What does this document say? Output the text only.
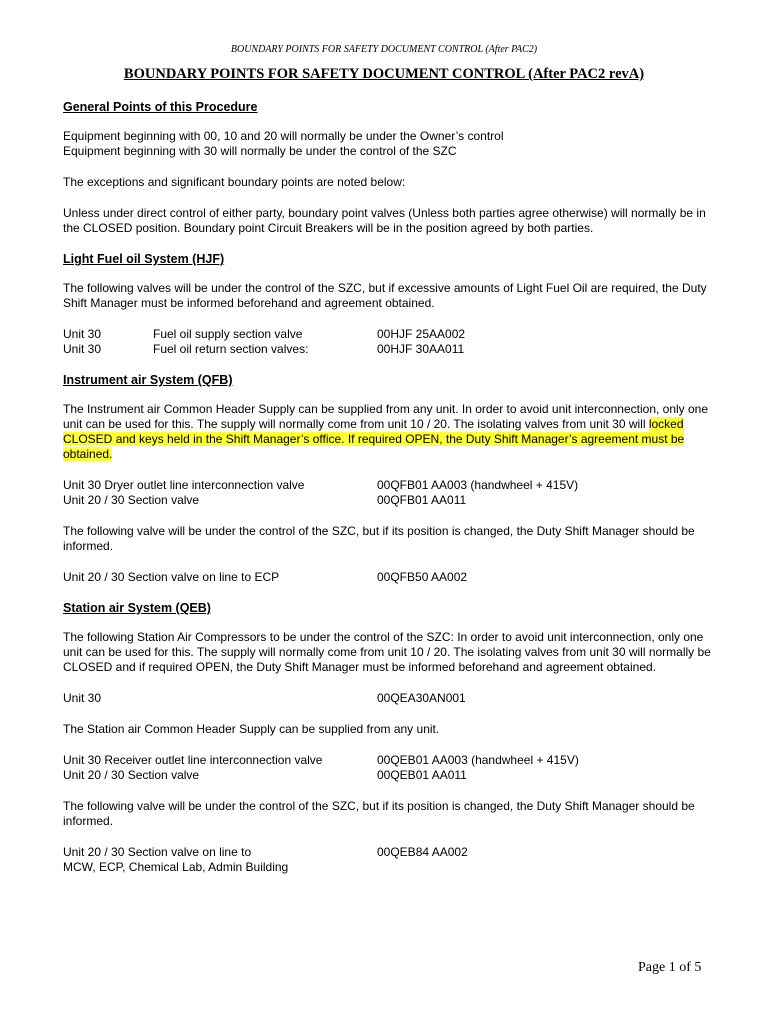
BOUNDARY POINTS FOR SAFETY DOCUMENT CONTROL (After PAC2)
BOUNDARY POINTS FOR SAFETY DOCUMENT CONTROL (After PAC2 revA)
General Points of this Procedure
Equipment beginning with 00, 10 and 20 will normally be under the Owner’s control
Equipment beginning with 30 will normally be under the control of the SZC

The exceptions and significant boundary points are noted below:

Unless under direct control of either party, boundary point valves (Unless both parties agree otherwise) will normally be in the CLOSED position. Boundary point Circuit Breakers will be in the position agreed by both parties.

Light Fuel oil System (HJF)

The following valves will be under the control of the SZC, but if excessive amounts of Light Fuel Oil are required, the Duty Shift Manager must be informed beforehand and agreement obtained.

Unit 30	Fuel oil supply section valve	00HJF 25AA002
Unit 30	Fuel oil return section valves:	00HJF 30AA011
Instrument air System (QFB)

The Instrument air Common Header Supply can be supplied from any unit. In order to avoid unit interconnection, only one unit can be used for this. The supply will normally come from unit 10 / 20. The isolating valves from unit 30 will locked CLOSED and keys held in the Shift Manager’s office. If required OPEN, the Duty Shift Manager’s agreement must be obtained.

Unit 30 Dryer outlet line interconnection valve	00QFB01 AA003 (handwheel + 415V)
Unit 20 / 30 Section valve	00QFB01 AA011

The following valve will be under the control of the SZC, but if its position is changed, the Duty Shift Manager should be informed.

Unit 20 / 30 Section valve on line to ECP	00QFB50 AA002
Station air System (QEB)

The following Station Air Compressors to be under the control of the SZC: In order to avoid unit interconnection, only one unit can be used for this. The supply will normally come from unit 10 / 20. The isolating valves from unit 30 will normally be CLOSED and if required OPEN, the Duty Shift Manager must be informed beforehand and agreement obtained.

Unit 30	00QEA30AN001

The Station air Common Header Supply can be supplied from any unit.

Unit 30 Receiver outlet line interconnection valve	00QEB01 AA003 (handwheel + 415V)
Unit 20 / 30 Section valve	00QEB01 AA011

The following valve will be under the control of the SZC, but if its position is changed, the Duty Shift Manager should be informed.

Unit 20 / 30 Section valve on line to
MCW, ECP, Chemical Lab, Admin Building
00QEB84 AA002
Page 1 of 5
